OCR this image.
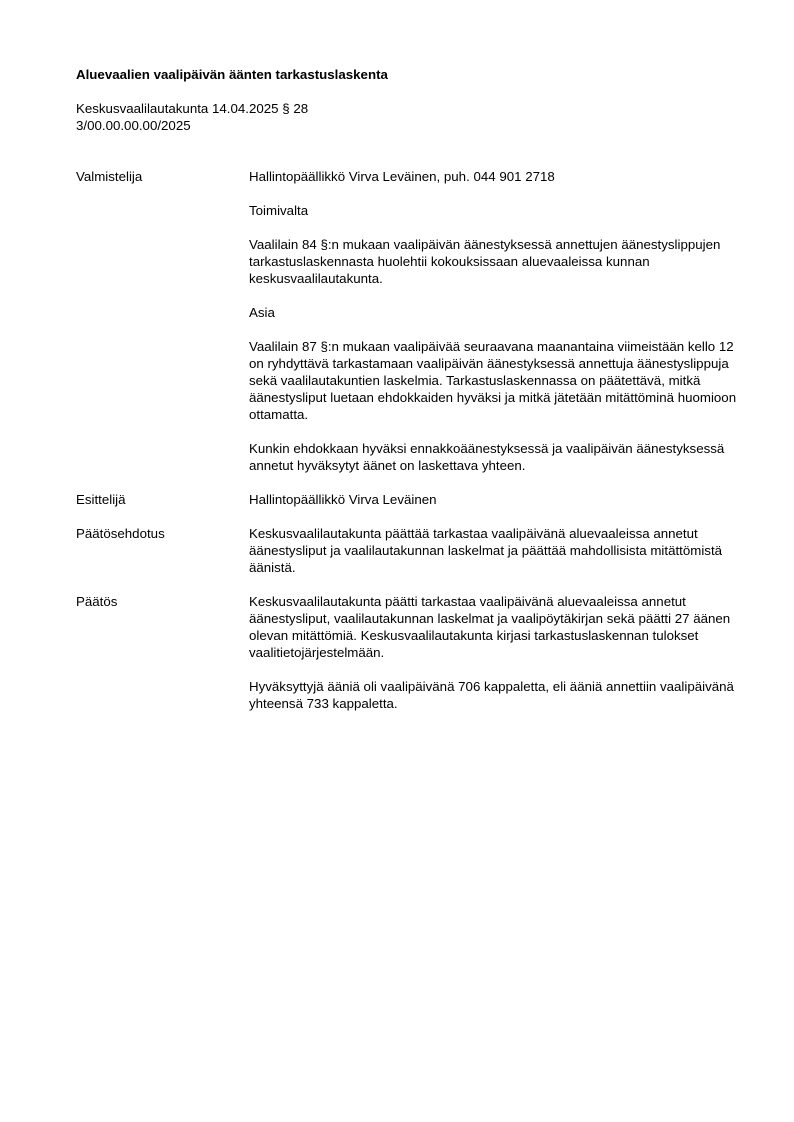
Aluevaalien vaalipäivän äänten tarkastuslaskenta
Keskusvaalilautakunta 14.04.2025 § 28
3/00.00.00.00/2025
Valmistelija	Hallintopäällikkö Virva Leväinen, puh. 044 901 2718

Toimivalta

Vaalilain 84 §:n mukaan vaalipäivän äänestyksessä annettujen äänestyslippujen tarkastuslaskennasta huolehtii kokouksissaan aluevaaleissa kunnan keskusvaalilautakunta.

Asia

Vaalilain 87 §:n mukaan vaalipäivää seuraavana maanantaina viimeistään kello 12 on ryhdyttävä tarkastamaan vaalipäivän äänestyksessä annettuja äänestyslippuja sekä vaalilautakuntien laskelmia. Tarkastuslaskennassa on päätettävä, mitkä äänestysliput luetaan ehdokkaiden hyväksi ja mitkä jätetään mitättöminä huomioon ottamatta.

Kunkin ehdokkaan hyväksi ennakkoäänestyksessä ja vaalipäivän äänestyksessä annetut hyväksytyt äänet on laskettava yhteen.

Esittelijä	Hallintopäällikkö Virva Leväinen

Päätösehdotus	Keskusvaalilautakunta päättää tarkastaa vaalipäivänä aluevaaleissa annetut äänestysliput ja vaalilautakunnan laskelmat ja päättää mahdollisista mitättömistä äänistä.

Päätös	Keskusvaalilautakunta päätti tarkastaa vaalipäivänä aluevaaleissa annetut äänestysliput, vaalilautakunnan laskelmat ja vaalipöytäkirjan sekä päätti 27 äänen olevan mitättömiä. Keskusvaalilautakunta kirjasi tarkastuslaskennan tulokset vaalitietojärjestelmään.

Hyväksyttyjä ääniä oli vaalipäivänä 706 kappaletta, eli ääniä annettiin vaalipäivänä yhteensä 733 kappaletta.
